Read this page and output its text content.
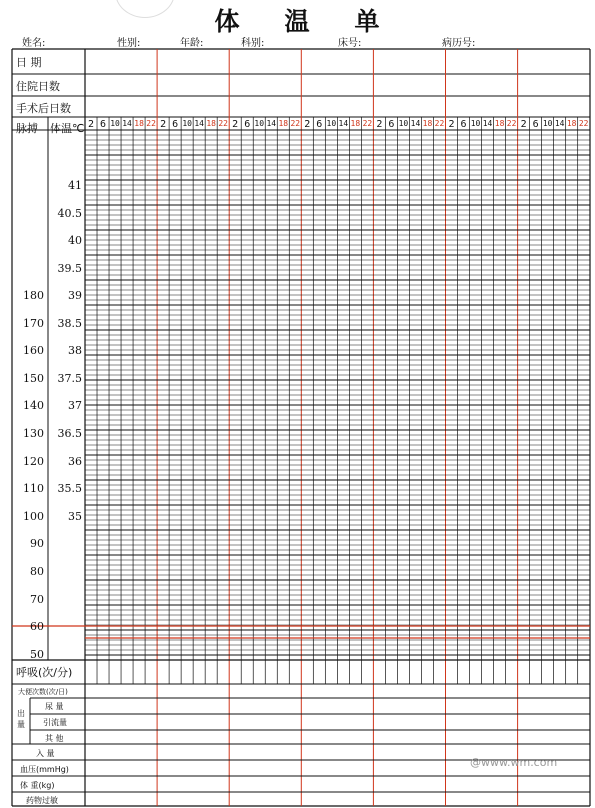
体 温 单
姓名:	性别:	年龄:	科别:	床号:	病历号:
日 期
住院日数
手术后日数
脉搏 体温℃
180
170
160
150
140
130
120
110
100
90
80
70
60
50
41
40.5
40
39.5
39
38.5
38
37.5
37
36.5
36
35.5
35
2 6 10 14 18 22 2 6 10 14 18 22 2 6 10 14 18 22 2 6 10 14 18 22 2 6 10 14 18 22 2 6 10 14 18 22 2 6 10 14 18 22
呼吸(次/分)
大便次数(次/日)
出量
尿 量
引流量
其 他
入 量
血压(mmHg)
体 重(kg)
药物过敏
@www.wm.com
